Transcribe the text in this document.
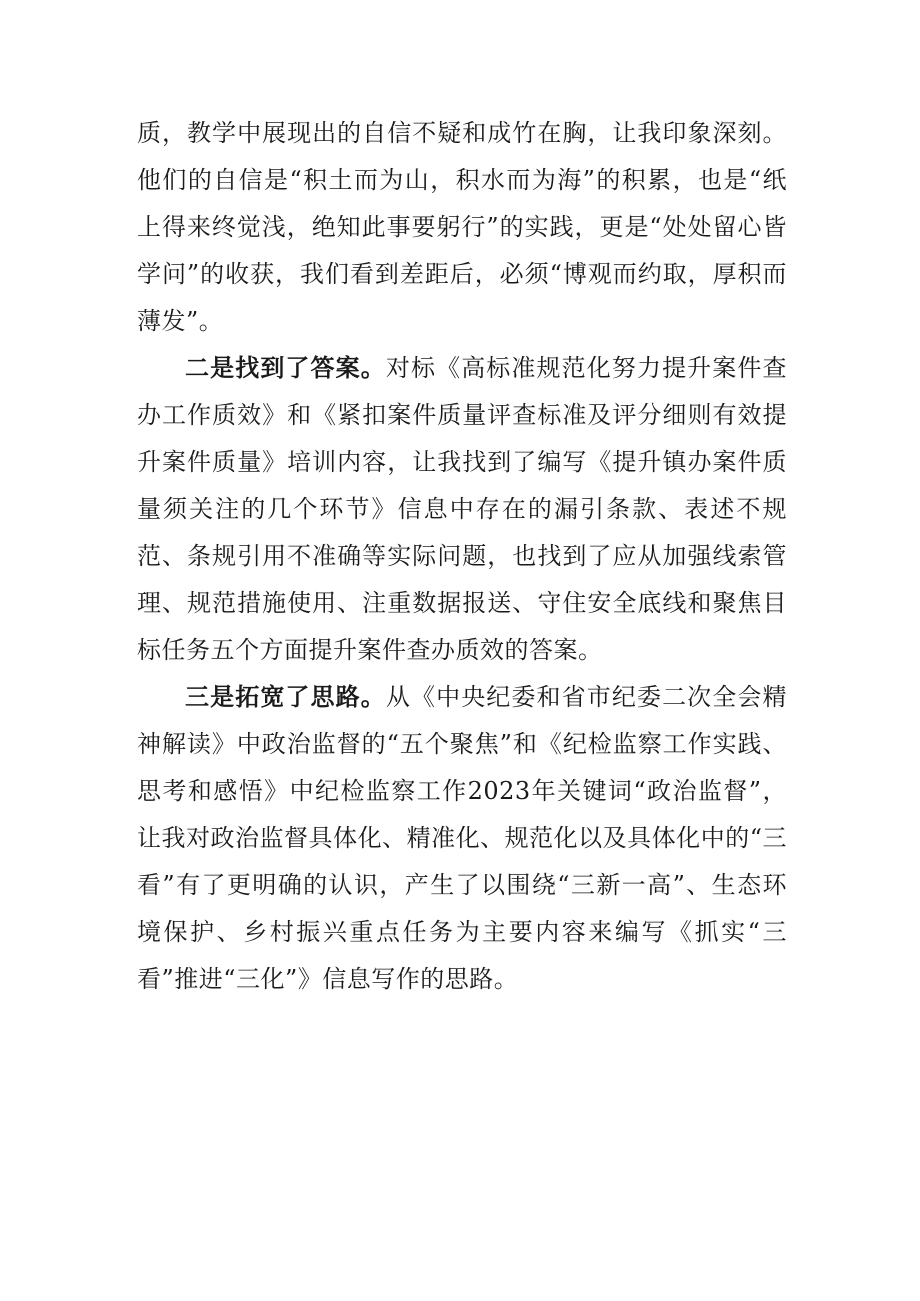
质，教学中展现出的自信不疑和成竹在胸，让我印象深刻。他们的自信是“积土而为山，积水而为海”的积累，也是“纸上得来终觉浅，绝知此事要躬行”的实践，更是“处处留心皆学问”的收获，我们看到差距后，必须“博观而约取，厚积而薄发”。

二是找到了答案。对标《高标准规范化努力提升案件查办工作质效》和《紧扣案件质量评查标准及评分细则有效提升案件质量》培训内容，让我找到了编写《提升镇办案件质量须关注的几个环节》信息中存在的漏引条款、表述不规范、条规引用不准确等实际问题，也找到了应从加强线索管理、规范措施使用、注重数据报送、守住安全底线和聚焦目标任务五个方面提升案件查办质效的答案。

三是拓宽了思路。从《中央纪委和省市纪委二次全会精神解读》中政治监督的“五个聚焦”和《纪检监察工作实践、思考和感悟》中纪检监察工作2023年关键词“政治监督”，让我对政治监督具体化、精准化、规范化以及具体化中的“三看”有了更明确的认识，产生了以围绕“三新一高”、生态环境保护、乡村振兴重点任务为主要内容来编写《抓实“三看”推进“三化”》信息写作的思路。
